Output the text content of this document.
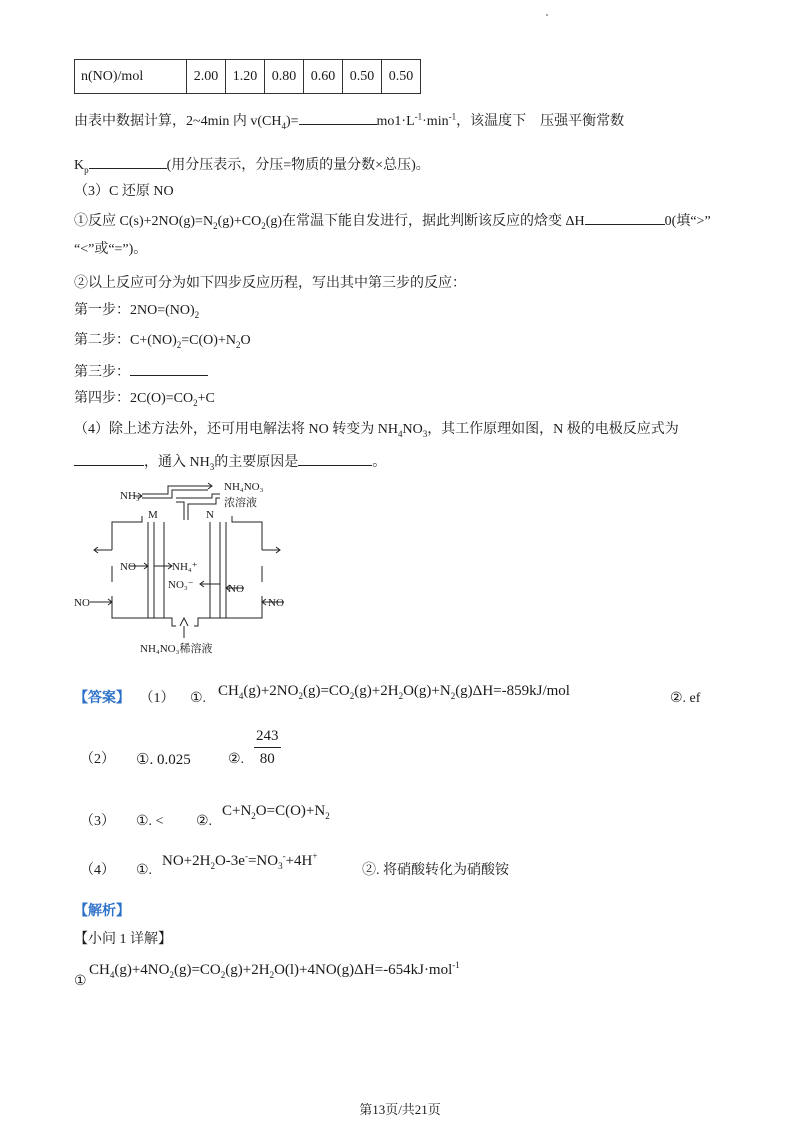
n(NO)/mol	2.00	1.20	0.80	0.60	0.50	0.50
由表中数据计算，2~4min 内 $v(CH_4)=$	$mo1\cdot L^{-1}\cdot\min^{-1}$，该温度下　压强平衡常数
$K_p$	(用分压表示，分压=物质的量分数×总压)。
（3）C 还原 NO
①反应 $C(s)+2NO(g)=N_2(g)+CO_2(g)$在常温下能自发进行，据此判断该反应的焓变 ΔH	0(填“>”
“<”或“=”)。
②以上反应可分为如下四步反应历程，写出其中第三步的反应：
第一步：$2NO=(NO)_2$
第二步：$C+(NO)_2=C(O)+N_2O$
第三步：
第四步：$2C(O)=CO_2+C$
（4）除上述方法外，还可用电解法将 NO 转变为 $NH_4NO_3$，其工作原理如图，N 极的电极反应式为
，通入 $NH_3$的主要原因是	。
NH₃
NH₄NO₃
浓溶液
M	N
NO	NH₄⁺
NO₃⁻	NO
NO	NO
NH₄NO₃稀溶液
【答案】 （1） ①. $CH_4(g)+2NO_2(g)=CO_2(g)+2H_2O(g)+N_2(g)\Delta H=-859kJ$/mol	②. ef
（2） ①. 0.025	②. $\frac{243}{80}$
（3） ①. < ②.
$C+N_2O=C(O)+N_2$
（4） ①.
$NO+2H_2O-3e^-=NO_3^-+4H^+$
②. 将硝酸转化为硝酸铵
【解析】
【小问 1 详解】
①
$CH_4(g)+4NO_2(g)=CO_2(g)+2H_2O(l)+4NO(g)\Delta H=-654kJ\cdot mol^{-1}$
第13页/共21页
